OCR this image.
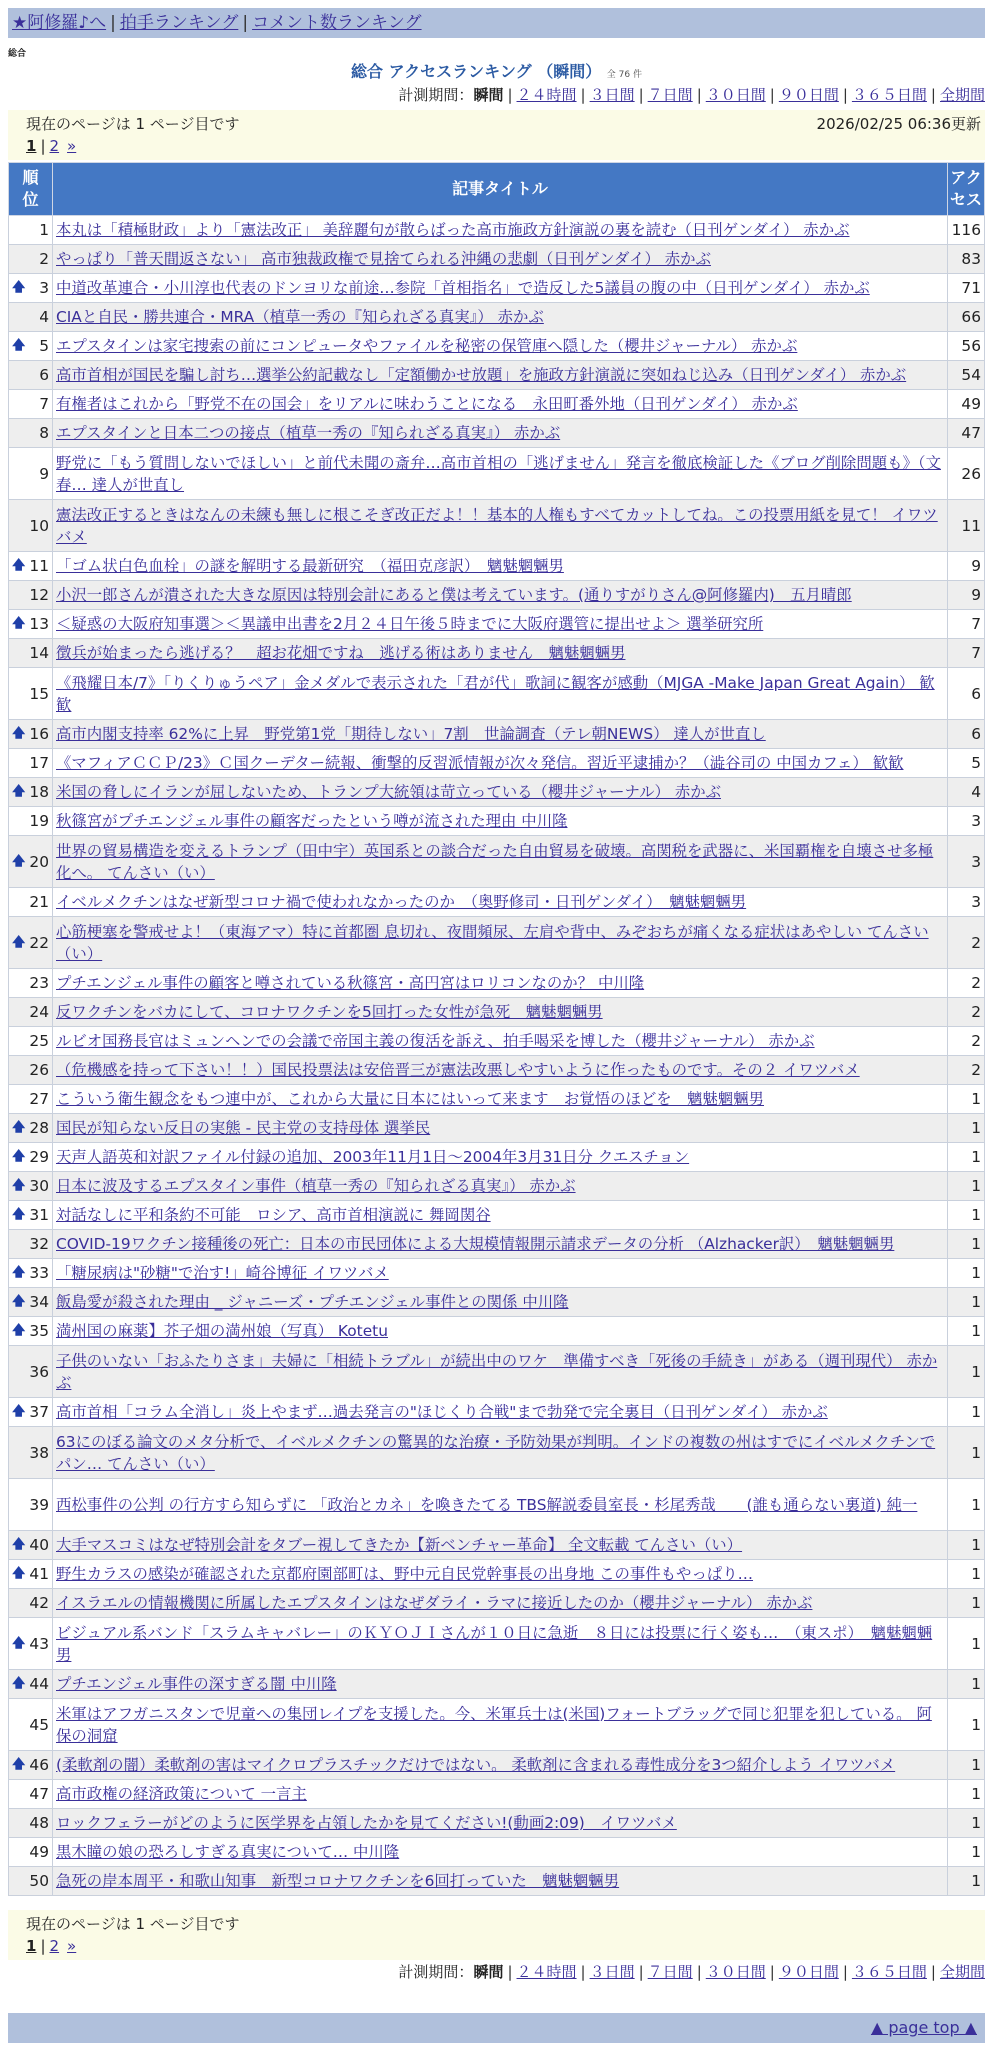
★阿修羅♪へ | 拍手ランキング | コメント数ランキング
総合
総合 アクセスランキング （瞬間） 全 76 件
計測期間：瞬間 | ２４時間 | ３日間 | ７日間 | ３０日間 | ９０日間 | ３６５日間 | 全期間
現在のページは 1 ページ目です	2026/02/25 06:36更新
1 | 2 »
順位	記事タイトル	アクセス
1	本丸は「積極財政」より「憲法改正」 美辞麗句が散らばった高市施政方針演説の裏を読む（日刊ゲンダイ） 赤かぶ	116
2	やっぱり「普天間返さない」 高市独裁政権で見捨てられる沖縄の悲劇（日刊ゲンダイ） 赤かぶ	83

🡅 3	中道改革連合・小川淳也代表のドンヨリな前途…参院「首相指名」で造反した5議員の腹の中（日刊ゲンダイ） 赤かぶ	71
4	CIAと自民・勝共連合・MRA（植草一秀の『知られざる真実』） 赤かぶ	66

🡅 5	エプスタインは家宅捜索の前にコンピュータやファイルを秘密の保管庫へ隠した（櫻井ジャーナル） 赤かぶ	56
6	高市首相が国民を騙し討ち…選挙公約記載なし「定額働かせ放題」を施政方針演説に突如ねじ込み（日刊ゲンダイ） 赤かぶ	54
7	有権者はこれから「野党不在の国会」をリアルに味わうことになる　永田町番外地（日刊ゲンダイ） 赤かぶ	49
8	エプスタインと日本二つの接点（植草一秀の『知られざる真実』） 赤かぶ	47
9	野党に「もう質問しないでほしい」と前代未聞の斎弁…高市首相の「逃げません」発言を徹底検証した《ブログ削除問題も》（文春… 達人が世直し	26
10	憲法改正するときはなんの未練も無しに根こそぎ改正だよ！！基本的人権もすべてカットしてね。この投票用紙を見て！ イワツバメ	11

🡅 11	「ゴム状白色血栓」の謎を解明する最新研究　（福田克彦訳）　魑魅魍魎男	9
12	小沢一郎さんが潰された大きな原因は特別会計にあると僕は考えています。(通りすがりさん@阿修羅内)　五月晴郎	9

🡅 13	＜疑惑の大阪府知事選＞＜異議申出書を2月２４日午後５時までに大阪府選管に提出せよ＞ 選挙研究所	7
14	徴兵が始まったら逃げる？　超お花畑ですね　逃げる術はありません　魑魅魍魎男	7
15	《飛耀日本/7》「りくりゅうペア」金メダルで表示された「君が代」歌詞に観客が感動（MJGA -Make Japan Great Again） 歓歓	6

🡅 16	高市内閣支持率 62%に上昇　野党第1党「期待しない」7割　世論調査（テレ朝NEWS） 達人が世直し	6
17	《マフィアＣＣＰ/23》Ｃ国クーデター続報、衝撃的反習派情報が次々発信。習近平逮捕か？（澁谷司の 中国カフェ） 歓歓	5

🡅 18	米国の脅しにイランが屈しないため、トランプ大統領は苛立っている（櫻井ジャーナル） 赤かぶ	4
19	秋篠宮がプチエンジェル事件の顧客だったという噂が流された理由 中川隆	3

🡅 20	世界の貿易構造を変えるトランプ（田中宇）英国系との談合だった自由貿易を破壊。高関税を武器に、米国覇権を自壊させ多極化へ。 てんさい（い）	3
21	イベルメクチンはなぜ新型コロナ禍で使われなかったのか　（奥野修司・日刊ゲンダイ）　魑魅魍魎男	3

🡅 22	心筋梗塞を警戒せよ！（東海アマ）特に首都圏 息切れ、夜間頻尿、左肩や背中、みぞおちが痛くなる症状はあやしい てんさい（い）	2
23	プチエンジェル事件の顧客と噂されている秋篠宮・高円宮はロリコンなのか？ 中川隆	2
24	反ワクチンをバカにして、コロナワクチンを5回打った女性が急死　魑魅魍魎男	2
25	ルビオ国務長官はミュンヘンでの会議で帝国主義の復活を訴え、拍手喝采を博した（櫻井ジャーナル） 赤かぶ	2
26	（危機感を持って下さい！！）国民投票法は安倍晋三が憲法改悪しやすいように作ったものです。その２ イワツバメ	2
27	こういう衛生観念をもつ連中が、これから大量に日本にはいって来ます　お覚悟のほどを　魑魅魍魎男	1

🡅 28	国民が知らない反日の実態 - 民主党の支持母体 選挙民	1

🡅 29	天声人語英和対訳ファイル付録の追加、2003年11月1日〜2004年3月31日分 クエスチョン	1

🡅 30	日本に波及するエプスタイン事件（植草一秀の『知られざる真実』） 赤かぶ	1

🡅 31	対話なしに平和条約不可能　ロシア、高市首相演説に 舞岡関谷	1
32	COVID-19ワクチン接種後の死亡：日本の市民団体による大規模情報開示請求データの分析 （Alzhacker訳）　魑魅魍魎男	1

🡅 33	「糖尿病は"砂糖"で治す!」崎谷博征 イワツバメ	1

🡅 34	飯島愛が殺された理由 _ ジャニーズ・プチエンジェル事件との関係 中川隆	1

🡅 35	満州国の麻薬】芥子畑の満州娘（写真） Kotetu	1
36	子供のいない「おふたりさま」夫婦に「相続トラブル」が続出中のワケ　準備すべき「死後の手続き」がある（週刊現代） 赤かぶ	1

🡅 37	高市首相「コラム全消し」炎上やまず…過去発言の"ほじくり合戦"まで勃発で完全裏目（日刊ゲンダイ） 赤かぶ	1
38	63にのぼる論文のメタ分析で、イベルメクチンの驚異的な治療・予防効果が判明。インドの複数の州はすでにイベルメクチンでパン… てんさい（い）	1
39	西松事件の公判 の行方すら知らずに 「政治とカネ」を喚きたてる TBS解説委員室長・杉尾秀哉　　(誰も通らない裏道) 純一	1

🡅 40	大手マスコミはなぜ特別会計をタブー視してきたか【新ベンチャー革命】 全文転載 てんさい（い）	1

🡅 41	野生カラスの感染が確認された京都府園部町は、野中元自民党幹事長の出身地 この事件もやっぱり…	1
42	イスラエルの情報機関に所属したエプスタインはなぜダライ・ラマに接近したのか（櫻井ジャーナル） 赤かぶ	1

🡅 43	ビジュアル系バンド「スラムキャバレー」のＫＹＯＪＩさんが１０日に急逝　８日には投票に行く姿も…　（東スポ）　魑魅魍魎男	1

🡅 44	プチエンジェル事件の深すぎる闇 中川隆	1
45	米軍はアフガニスタンで児童への集団レイプを支援した。今、米軍兵士は(米国)フォートブラッグで同じ犯罪を犯している。 阿保の洞窟	1

🡅 46	(柔軟剤の闇）柔軟剤の害はマイクロプラスチックだけではない。 柔軟剤に含まれる毒性成分を3つ紹介しよう イワツバメ	1
47	高市政権の経済政策について 一言主	1
48	ロックフェラーがどのように医学界を占領したかを見てください!(動画2:09)　イワツバメ	1
49	黒木瞳の娘の恐ろしすぎる真実について… 中川隆	1
50	急死の岸本周平・和歌山知事　新型コロナワクチンを6回打っていた　魑魅魍魎男	1
現在のページは 1 ページ目です
1 | 2 »
計測期間：瞬間 | ２４時間 | ３日間 | ７日間 | ３０日間 | ９０日間 | ３６５日間 | 全期間
▲ page top ▲
